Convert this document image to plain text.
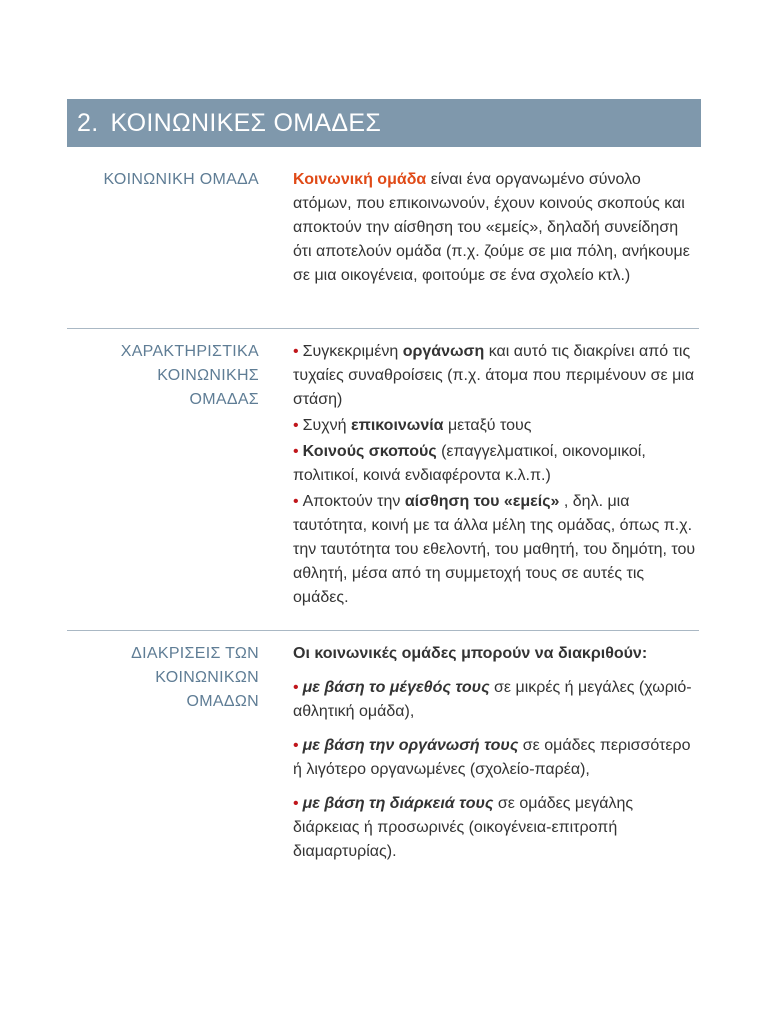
2. ΚΟΙΝΩΝΙΚΕΣ ΟΜΑΔΕΣ
ΚΟΙΝΩΝΙΚΗ ΟΜΑΔΑ Κοινωνική ομάδα είναι ένα οργανωμένο σύνολο ατόμων, που επικοινωνούν, έχουν κοινούς σκοπούς και αποκτούν την αίσθηση του «εμείς», δηλαδή συνείδηση ότι αποτελούν ομάδα (π.χ. ζούμε σε μια πόλη, ανήκουμε σε μια οικογένεια, φοιτούμε σε ένα σχολείο κτλ.)
ΧΑΡΑΚΤΗΡΙΣΤΙΚΑ
ΚΟΙΝΩΝΙΚΗΣ
ΟΜΑΔΑΣ
• Συγκεκριμένη οργάνωση και αυτό τις διακρίνει από τις τυχαίες συναθροίσεις (π.χ. άτομα που περιμένουν σε μια στάση)
• Συχνή επικοινωνία μεταξύ τους
• Κοινούς σκοπούς (επαγγελματικοί, οικονομικοί, πολιτικοί, κοινά ενδιαφέροντα κ.λ.π.)
• Αποκτούν την αίσθηση του «εμείς» , δηλ. μια ταυτότητα, κοινή με τα άλλα μέλη της ομάδας, όπως π.χ. την ταυτότητα του εθελοντή, του μαθητή, του δημότη, του αθλητή, μέσα από τη συμμετοχή τους σε αυτές τις ομάδες.
ΔΙΑΚΡΙΣΕΙΣ ΤΩΝ
ΚΟΙΝΩΝΙΚΩΝ
ΟΜΑΔΩΝ
Οι κοινωνικές ομάδες μπορούν να διακριθούν:
• με βάση το μέγεθός τους σε μικρές ή μεγάλες (χωριό-αθλητική ομάδα),
• με βάση την οργάνωσή τους σε ομάδες περισσότερο ή λιγότερο οργανωμένες (σχολείο-παρέα),
• με βάση τη διάρκειά τους σε ομάδες μεγάλης διάρκειας ή προσωρινές (οικογένεια-επιτροπή διαμαρτυρίας).
